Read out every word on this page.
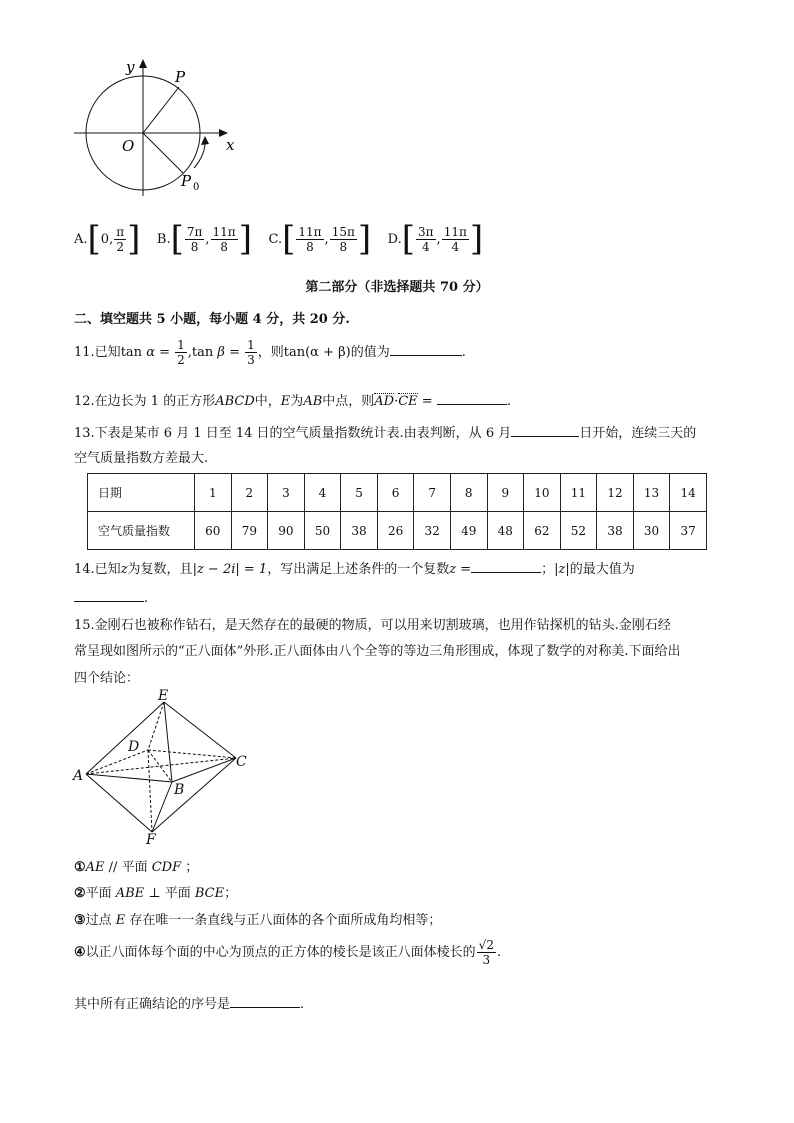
y
x
O
P
P 0
A.[0, $\frac{\pi}{2}$ ] $B.[ \frac{7\pi}{8}$ , $\frac{11\pi}{8}$ ] $C.[ \frac{11\pi}{8}$ , $\frac{15\pi}{8}$ ] $D.[ \frac{3\pi}{4}$ , $\frac{11\pi}{4}$ ]
第二部分（非选择题共 70 分）
二、填空题共 5 小题，每小题 4 分，共 20 分.
11.已知$\tan \alpha = \frac{1}{2} ,\tan$ $\beta = \frac{1}{3}$ ，则tan(α + β)的值为	.
12.在边长为 1 的正方形ABCD中，E为AB中点，则AD·CE =	.
13.下表是某市 6 月 1 日至 14 日的空气质量指数统计表.由表判断，从 6 月	日开始，连续三天的
空气质量指数方差最大.
日期	1	2	3	4	5	6	7	8	9	10	11	12	13	14
空气质量指数	60	79	90	50	38	26	32	49	48	62	52	38	30	37
14.已知z为复数，且|z − 2i| = 1，写出满足上述条件的一个复数z =	；|z|的最大值为
.
15.金刚石也被称作钻石，是天然存在的最硬的物质，可以用来切割玻璃，也用作钻探机的钻头.金刚石经
常呈现如图所示的“正八面体”外形.正八面体由八个全等的等边三角形围成，体现了数学的对称美.下面给出
四个结论：
E
D
A
B
C
F
①AE // 平面 CDF ；
②平面 ABE ⊥ 平面 BCE；
③过点 E 存在唯一一条直线与正八面体的各个面所成角均相等；
④以正八面体每个面的中心为顶点的正方体的棱长是该正八面体棱长的 $\frac{√2}{3}$ .
其中所有正确结论的序号是	.
